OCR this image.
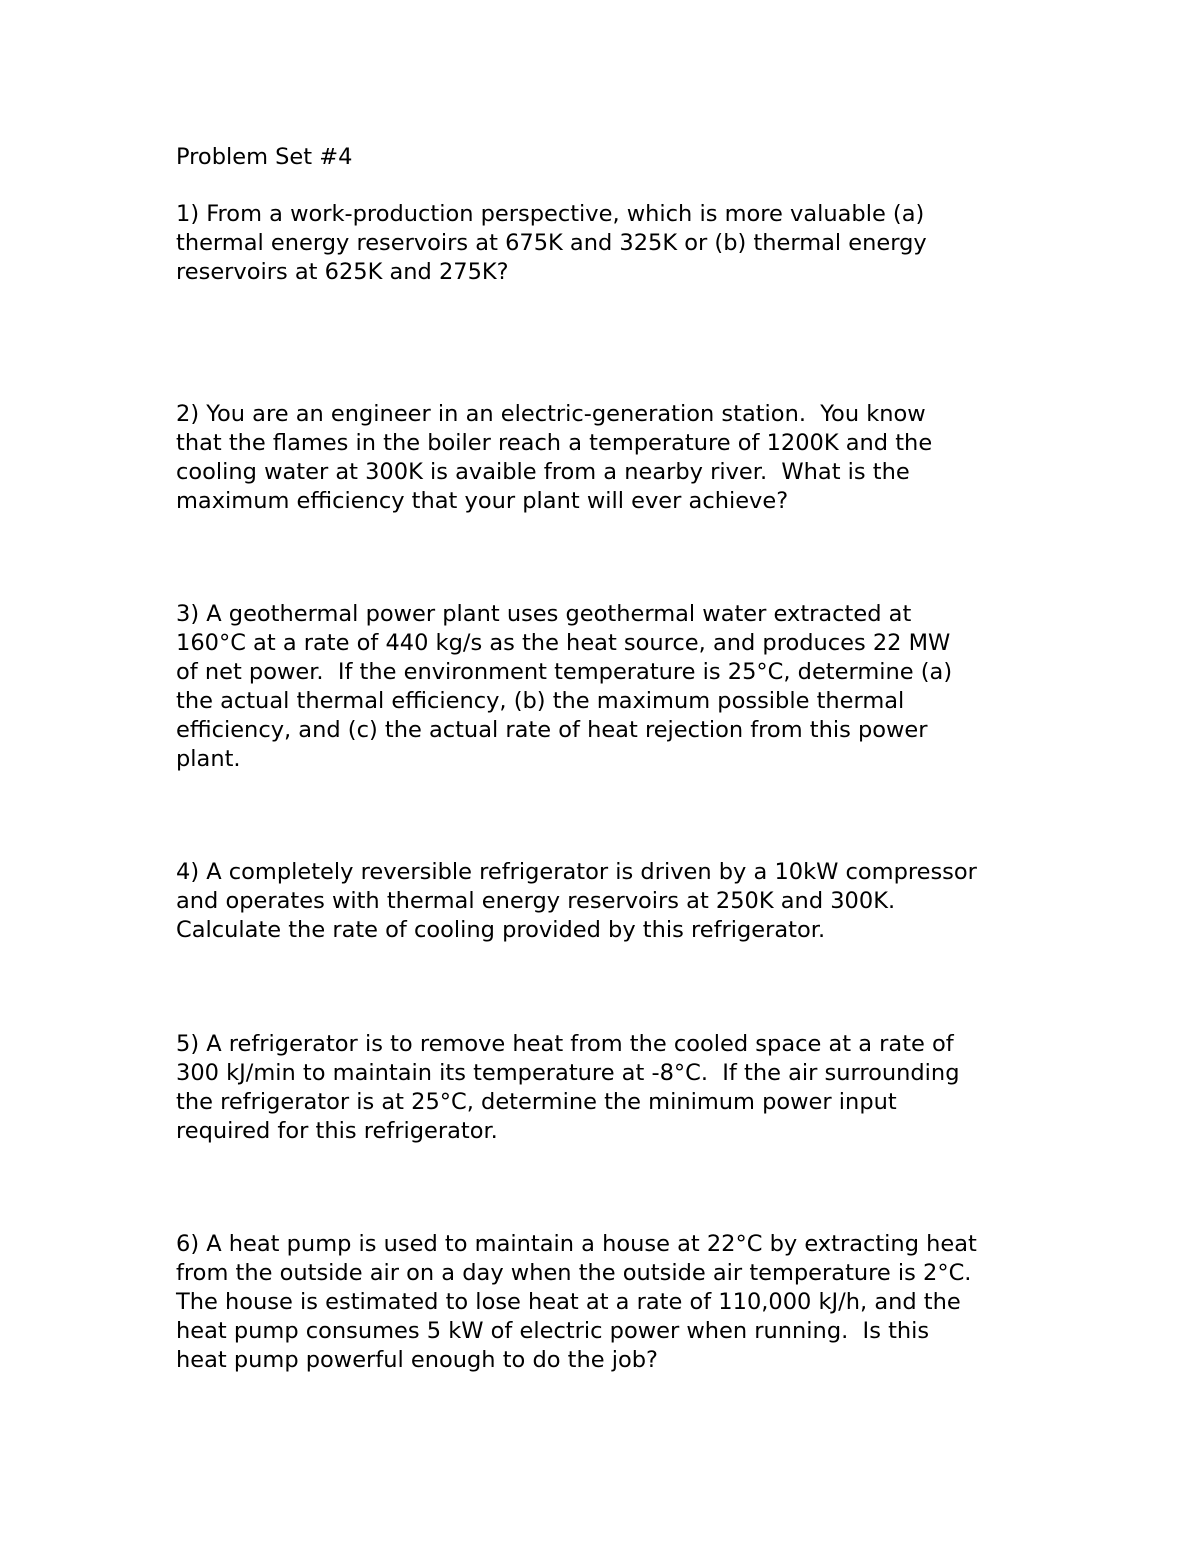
Problem Set #4
1) From a work-production perspective, which is more valuable (a)
thermal energy reservoirs at 675K and 325K or (b) thermal energy
reservoirs at 625K and 275K?
2) You are an engineer in an electric-generation station.  You know
that the flames in the boiler reach a temperature of 1200K and the
cooling water at 300K is avaible from a nearby river.  What is the
maximum efficiency that your plant will ever achieve?
3) A geothermal power plant uses geothermal water extracted at
160°C at a rate of 440 kg/s as the heat source, and produces 22 MW
of net power.  If the environment temperature is 25°C, determine (a)
the actual thermal efficiency, (b) the maximum possible thermal
efficiency, and (c) the actual rate of heat rejection from this power
plant.
4) A completely reversible refrigerator is driven by a 10kW compressor
and operates with thermal energy reservoirs at 250K and 300K.
Calculate the rate of cooling provided by this refrigerator.
5) A refrigerator is to remove heat from the cooled space at a rate of
300 kJ/min to maintain its temperature at -8°C.  If the air surrounding
the refrigerator is at 25°C, determine the minimum power input
required for this refrigerator.
6) A heat pump is used to maintain a house at 22°C by extracting heat
from the outside air on a day when the outside air temperature is 2°C.
The house is estimated to lose heat at a rate of 110,000 kJ/h, and the
heat pump consumes 5 kW of electric power when running.  Is this
heat pump powerful enough to do the job?
